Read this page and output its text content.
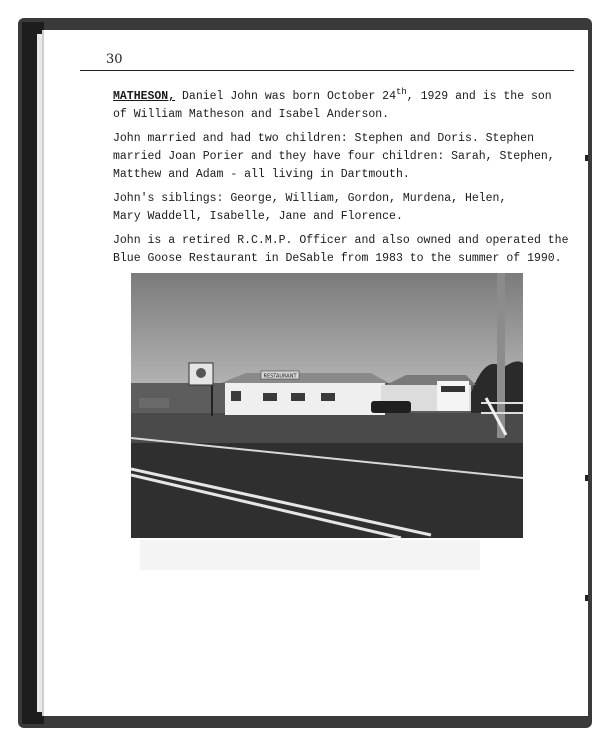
30

MATHESON, Daniel John was born October 24th, 1929 and is the son
of William Matheson and Isabel Anderson.

John married and had two children: Stephen and Doris. Stephen
married Joan Porier and they have four children: Sarah, Stephen,
Matthew and Adam - all living in Dartmouth.

John's siblings: George, William, Gordon, Murdena, Helen,
Mary Waddell, Isabelle, Jane and Florence.

John is a retired R.C.M.P. Officer and also owned and operated the
Blue Goose Restaurant in DeSable from 1983 to the summer of 1990.

RESTAURANT
